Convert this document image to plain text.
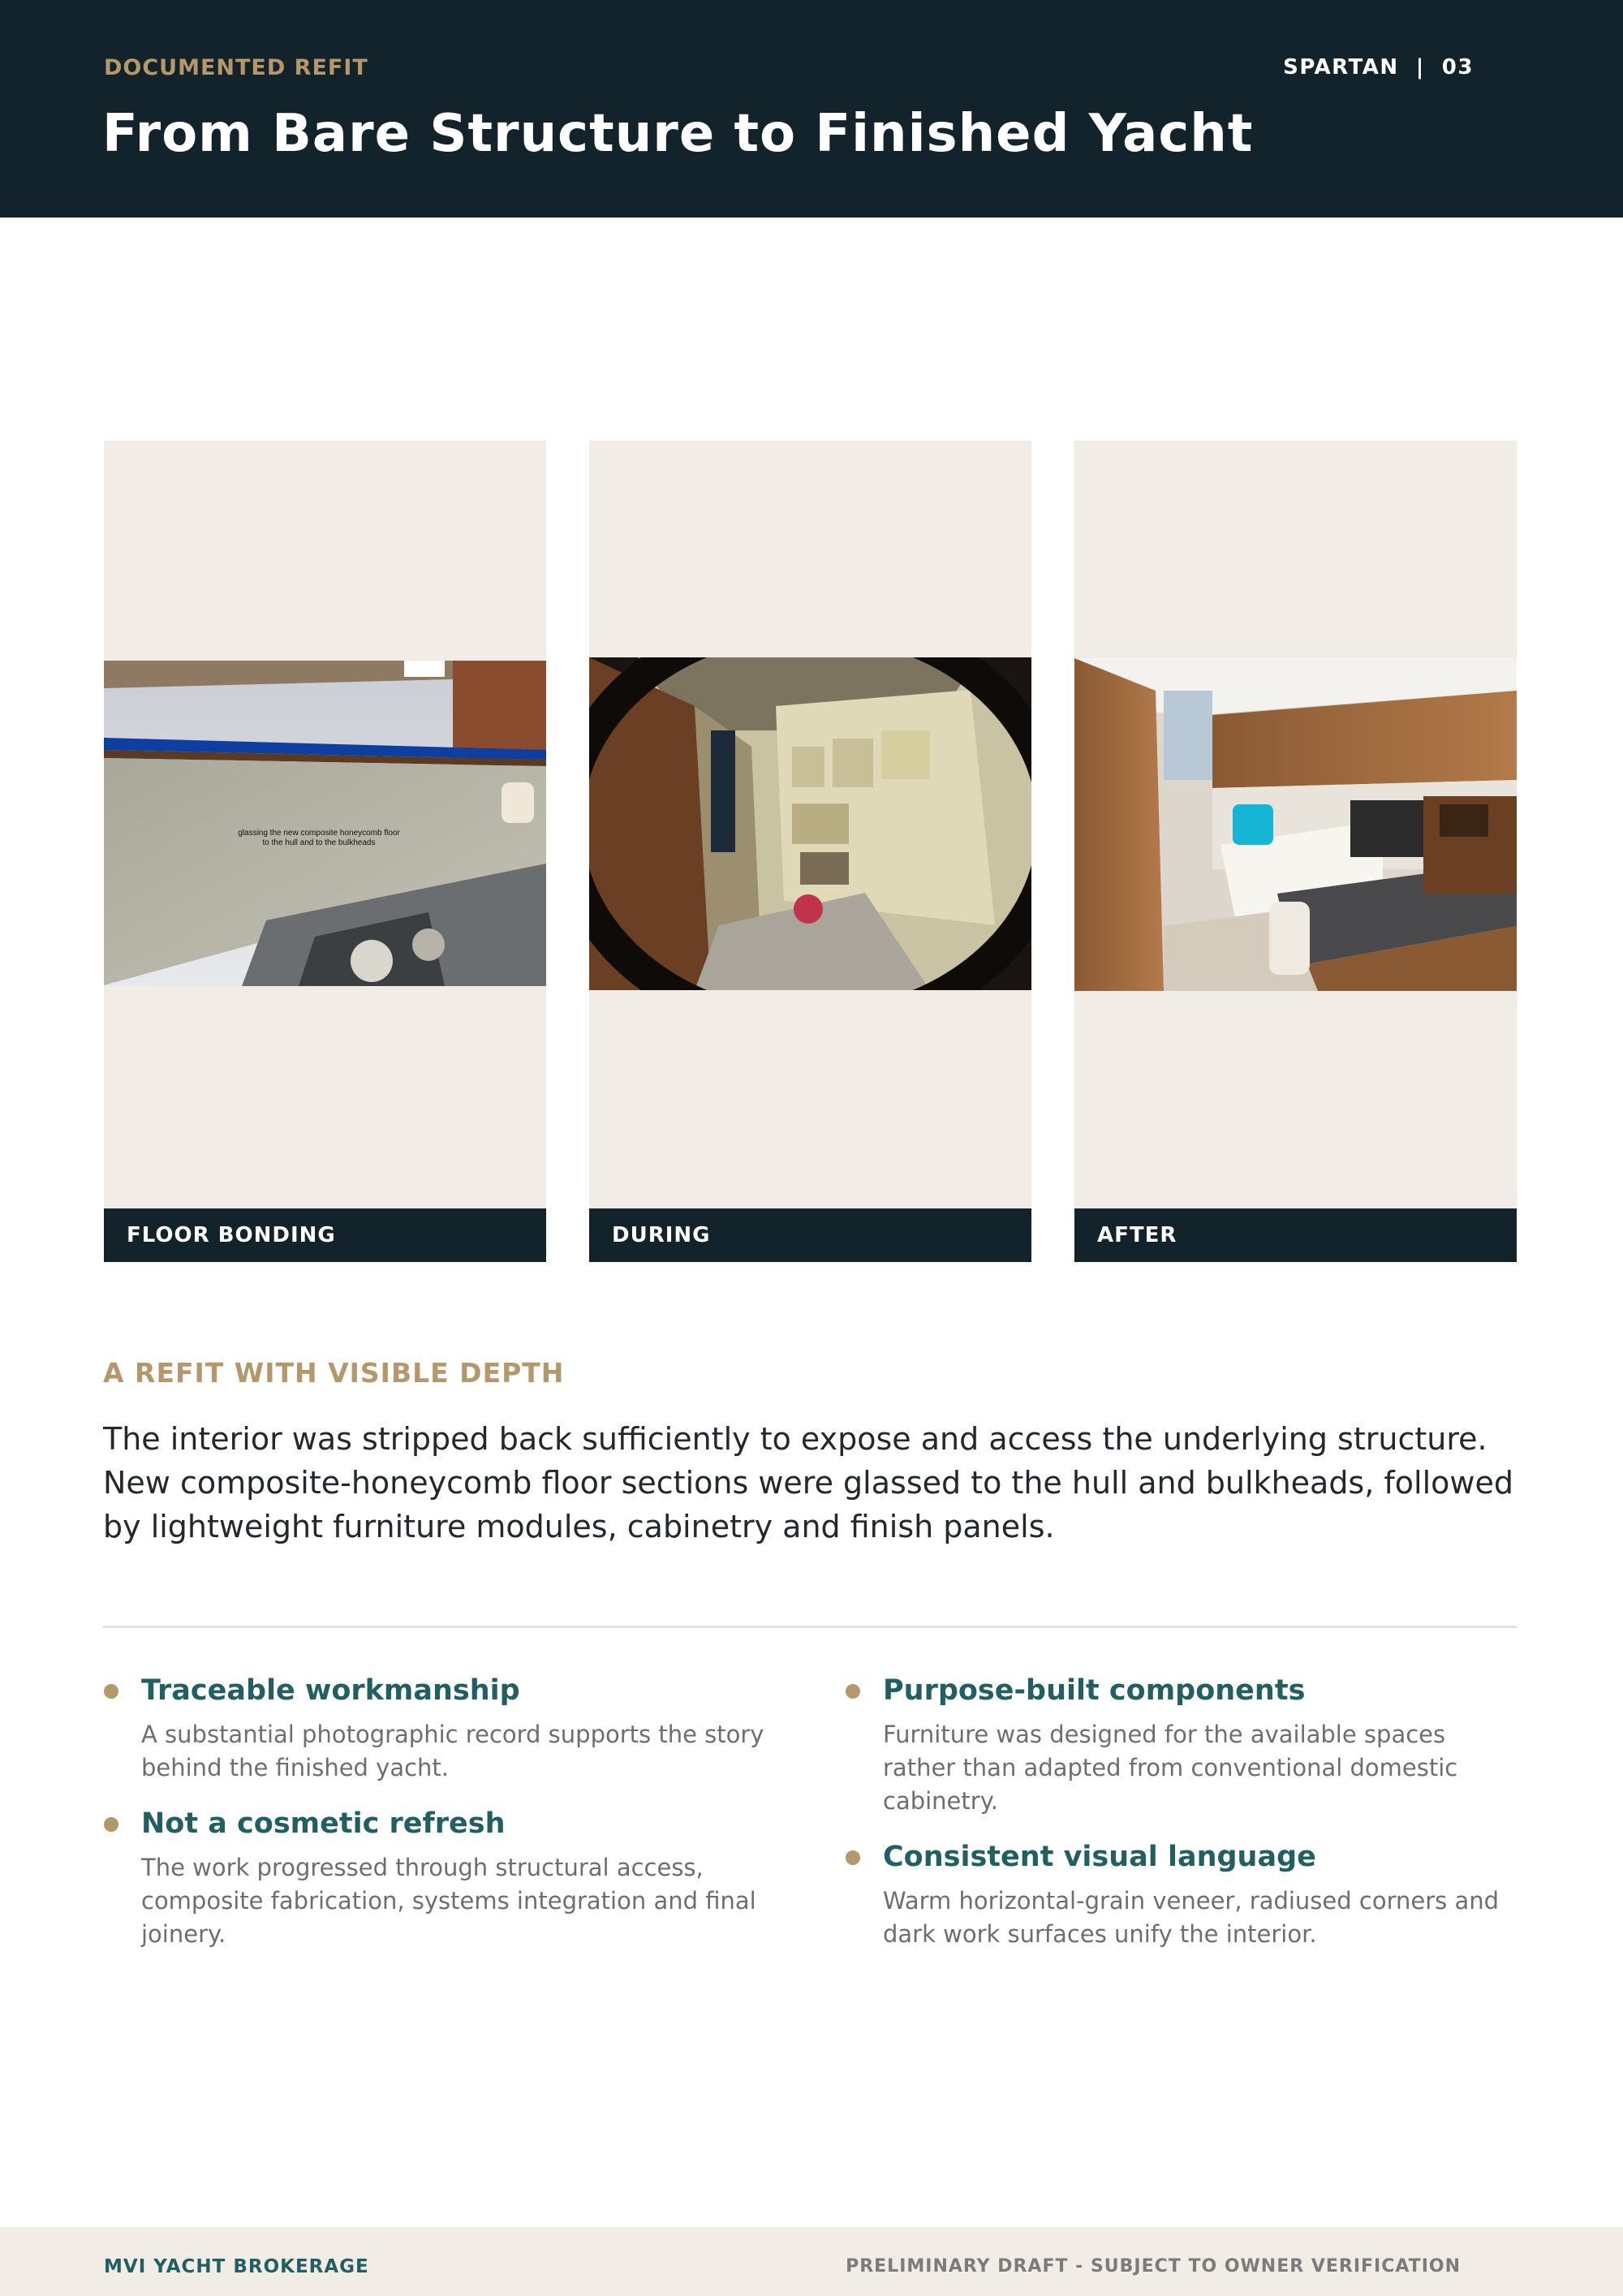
DOCUMENTED REFIT	SPARTAN  |  03
From Bare Structure to Finished Yacht
glassing the new composite honeycomb floor
to the hull and to the bulkheads
FLOOR BONDING	DURING	AFTER
A REFIT WITH VISIBLE DEPTH
The interior was stripped back sufficiently to expose and access the underlying structure. New composite-honeycomb floor sections were glassed to the hull and bulkheads, followed by lightweight furniture modules, cabinetry and finish panels.
Traceable workmanship
A substantial photographic record supports the story behind the finished yacht.
Not a cosmetic refresh
The work progressed through structural access, composite fabrication, systems integration and final joinery.
Purpose-built components
Furniture was designed for the available spaces rather than adapted from conventional domestic cabinetry.
Consistent visual language
Warm horizontal-grain veneer, radiused corners and dark work surfaces unify the interior.
MVI YACHT BROKERAGE	PRELIMINARY DRAFT - SUBJECT TO OWNER VERIFICATION
